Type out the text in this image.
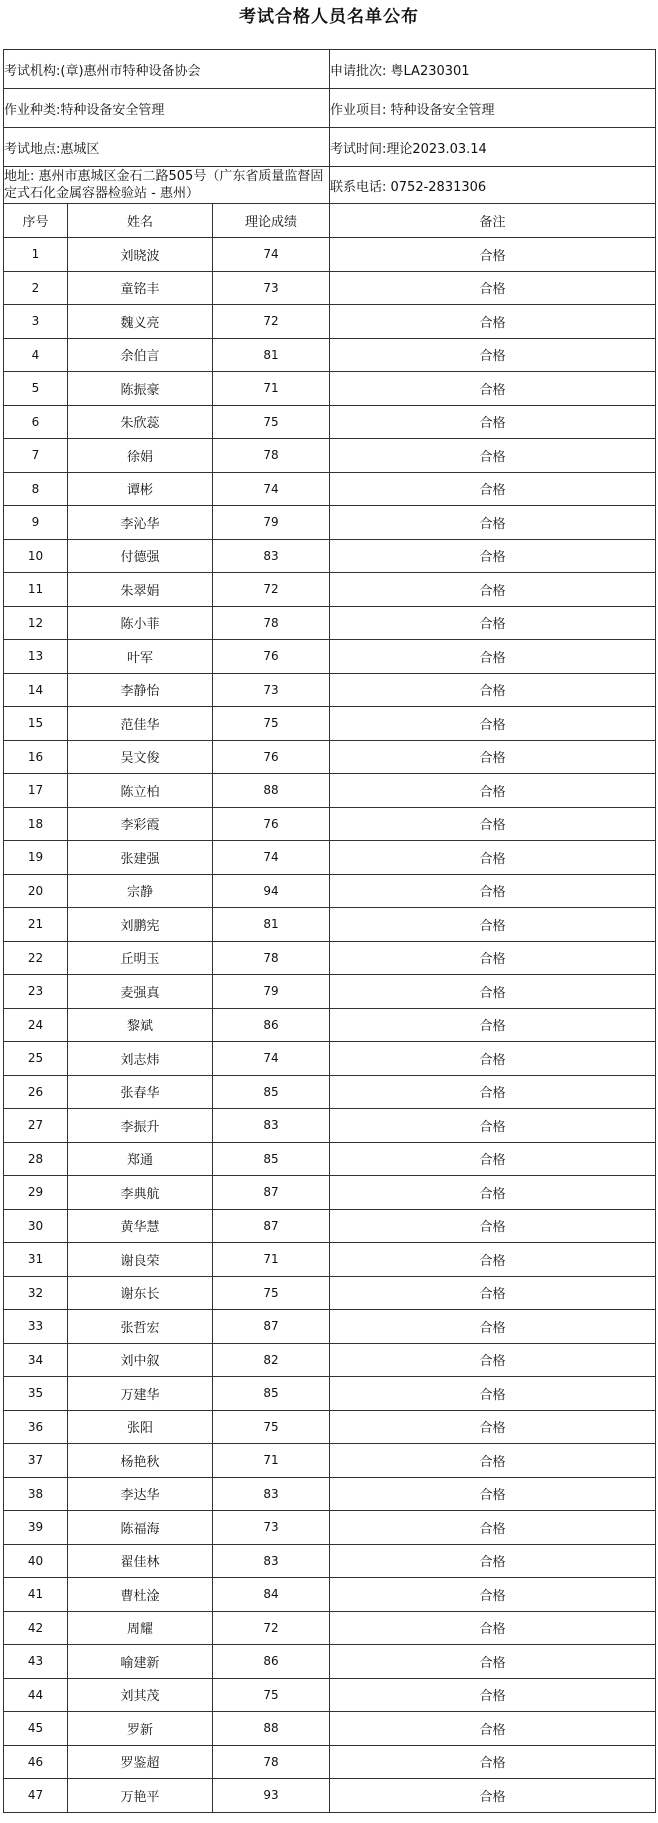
考试合格人员名单公布
考试机构:(章)惠州市特种设备协会			申请批次: 粤LA230301
作业种类:特种设备安全管理			作业项目: 特种设备安全管理
考试地点:惠城区			考试时间:理论2023.03.14
地址: 惠州市惠城区金石二路505号（广东省质量监督固定式石化金属容器检验站 - 惠州）			联系电话: 0752-2831306
序号	姓名	理论成绩	备注
1	刘晓波	74	合格
2	童铭丰	73	合格
3	魏义亮	72	合格
4	余伯言	81	合格
5	陈振豪	71	合格
6	朱欣蕊	75	合格
7	徐娟	78	合格
8	谭彬	74	合格
9	李沁华	79	合格
10	付德强	83	合格
11	朱翠娟	72	合格
12	陈小菲	78	合格
13	叶军	76	合格
14	李静怡	73	合格
15	范佳华	75	合格
16	吴文俊	76	合格
17	陈立柏	88	合格
18	李彩霞	76	合格
19	张建强	74	合格
20	宗静	94	合格
21	刘鹏宪	81	合格
22	丘明玉	78	合格
23	麦强真	79	合格
24	黎斌	86	合格
25	刘志炜	74	合格
26	张春华	85	合格
27	李振升	83	合格
28	郑通	85	合格
29	李典航	87	合格
30	黄华慧	87	合格
31	谢良荣	71	合格
32	谢东长	75	合格
33	张哲宏	87	合格
34	刘中叙	82	合格
35	万建华	85	合格
36	张阳	75	合格
37	杨艳秋	71	合格
38	李达华	83	合格
39	陈福海	73	合格
40	翟佳林	83	合格
41	曹杜淦	84	合格
42	周耀	72	合格
43	喻建新	86	合格
44	刘其茂	75	合格
45	罗新	88	合格
46	罗鉴超	78	合格
47	万艳平	93	合格
